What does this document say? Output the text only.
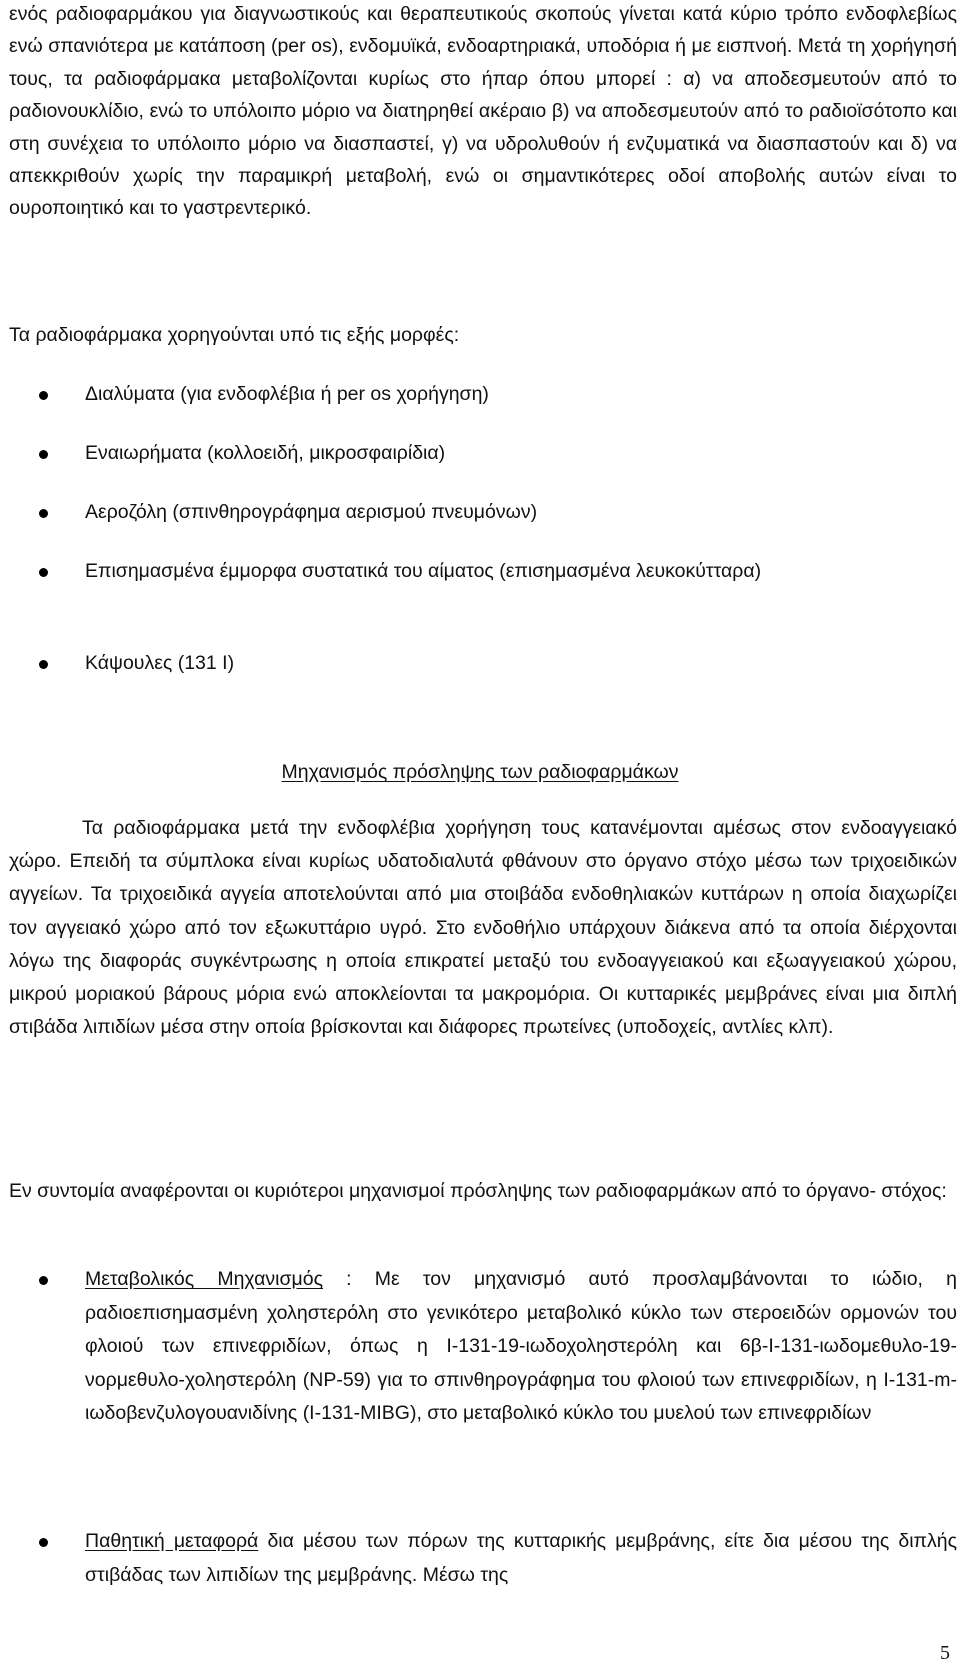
ενός ραδιοφαρμάκου για διαγνωστικούς και θεραπευτικούς σκοπούς γίνεται κατά κύριο τρόπο ενδοφλεβίως ενώ σπανιότερα με κατάποση (per os), ενδομυϊκά, ενδοαρτηριακά, υποδόρια ή με εισπνοή. Μετά τη χορήγησή τους, τα ραδιοφάρμακα μεταβολίζονται κυρίως στο ήπαρ όπου μπορεί : α) να αποδεσμευτούν από το ραδιονουκλίδιο, ενώ το υπόλοιπο μόριο να διατηρηθεί ακέραιο β) να αποδεσμευτούν από το ραδιοϊσότοπο και στη συνέχεια το υπόλοιπο μόριο να διασπαστεί, γ) να υδρολυθούν ή ενζυματικά να διασπαστούν και δ) να απεκκριθούν χωρίς την παραμικρή μεταβολή, ενώ οι σημαντικότερες οδοί αποβολής αυτών είναι το ουροποιητικό και το γαστρεντερικό.

Τα ραδιοφάρμακα χορηγούνται υπό τις εξής μορφές:

Διαλύματα (για ενδοφλέβια ή per os χορήγηση)

Εναιωρήματα (κολλοειδή, μικροσφαιρίδια)

Αεροζόλη (σπινθηρογράφημα αερισμού πνευμόνων)

Επισημασμένα έμμορφα συστατικά του αίματος (επισημασμένα λευκοκύτταρα)

Κάψουλες (131 I)

Μηχανισμός πρόσληψης των ραδιοφαρμάκων

Τα ραδιοφάρμακα μετά την ενδοφλέβια χορήγηση τους κατανέμονται αμέσως στον ενδοαγγειακό χώρο. Επειδή τα σύμπλοκα είναι κυρίως υδατοδιαλυτά φθάνουν στο όργανο στόχο μέσω των τριχοειδικών αγγείων. Τα τριχοειδικά αγγεία αποτελούνται από μια στοιβάδα ενδοθηλιακών κυττάρων η οποία διαχωρίζει τον αγγειακό χώρο από τον εξωκυττάριο υγρό. Στο ενδοθήλιο υπάρχουν διάκενα από τα οποία διέρχονται λόγω της διαφοράς συγκέντρωσης η οποία επικρατεί μεταξύ του ενδοαγγειακού και εξωαγγειακού χώρου, μικρού μοριακού βάρους μόρια ενώ αποκλείονται τα μακρομόρια. Οι κυτταρικές μεμβράνες είναι μια διπλή στιβάδα λιπιδίων μέσα στην οποία βρίσκονται και διάφορες πρωτείνες (υποδοχείς, αντλίες κλπ).

Εν συντομία αναφέρονται οι κυριότεροι μηχανισμοί πρόσληψης των ραδιοφαρμάκων από το όργανο- στόχος:

Μεταβολικός Μηχανισμός : Με τον μηχανισμό αυτό προσλαμβάνονται το ιώδιο, η ραδιοεπισημασμένη χοληστερόλη στο γενικότερο μεταβολικό κύκλο των στεροειδών ορμονών του φλοιού των επινεφριδίων, όπως η I-131-19-ιωδοχοληστερόλη και 6β-I-131-ιωδομεθυλο-19-νορμεθυλο-χοληστερόλη (NP-59) για το σπινθηρογράφημα του φλοιού των επινεφριδίων, η I-131-m-ιωδοβενζυλογουανιδίνης (I-131-MIBG), στο μεταβολικό κύκλο του μυελού των επινεφριδίων

Παθητική μεταφορά δια μέσου των πόρων της κυτταρικής μεμβράνης, είτε δια μέσου της διπλής στιβάδας των λιπιδίων της μεμβράνης. Μέσω της

5
